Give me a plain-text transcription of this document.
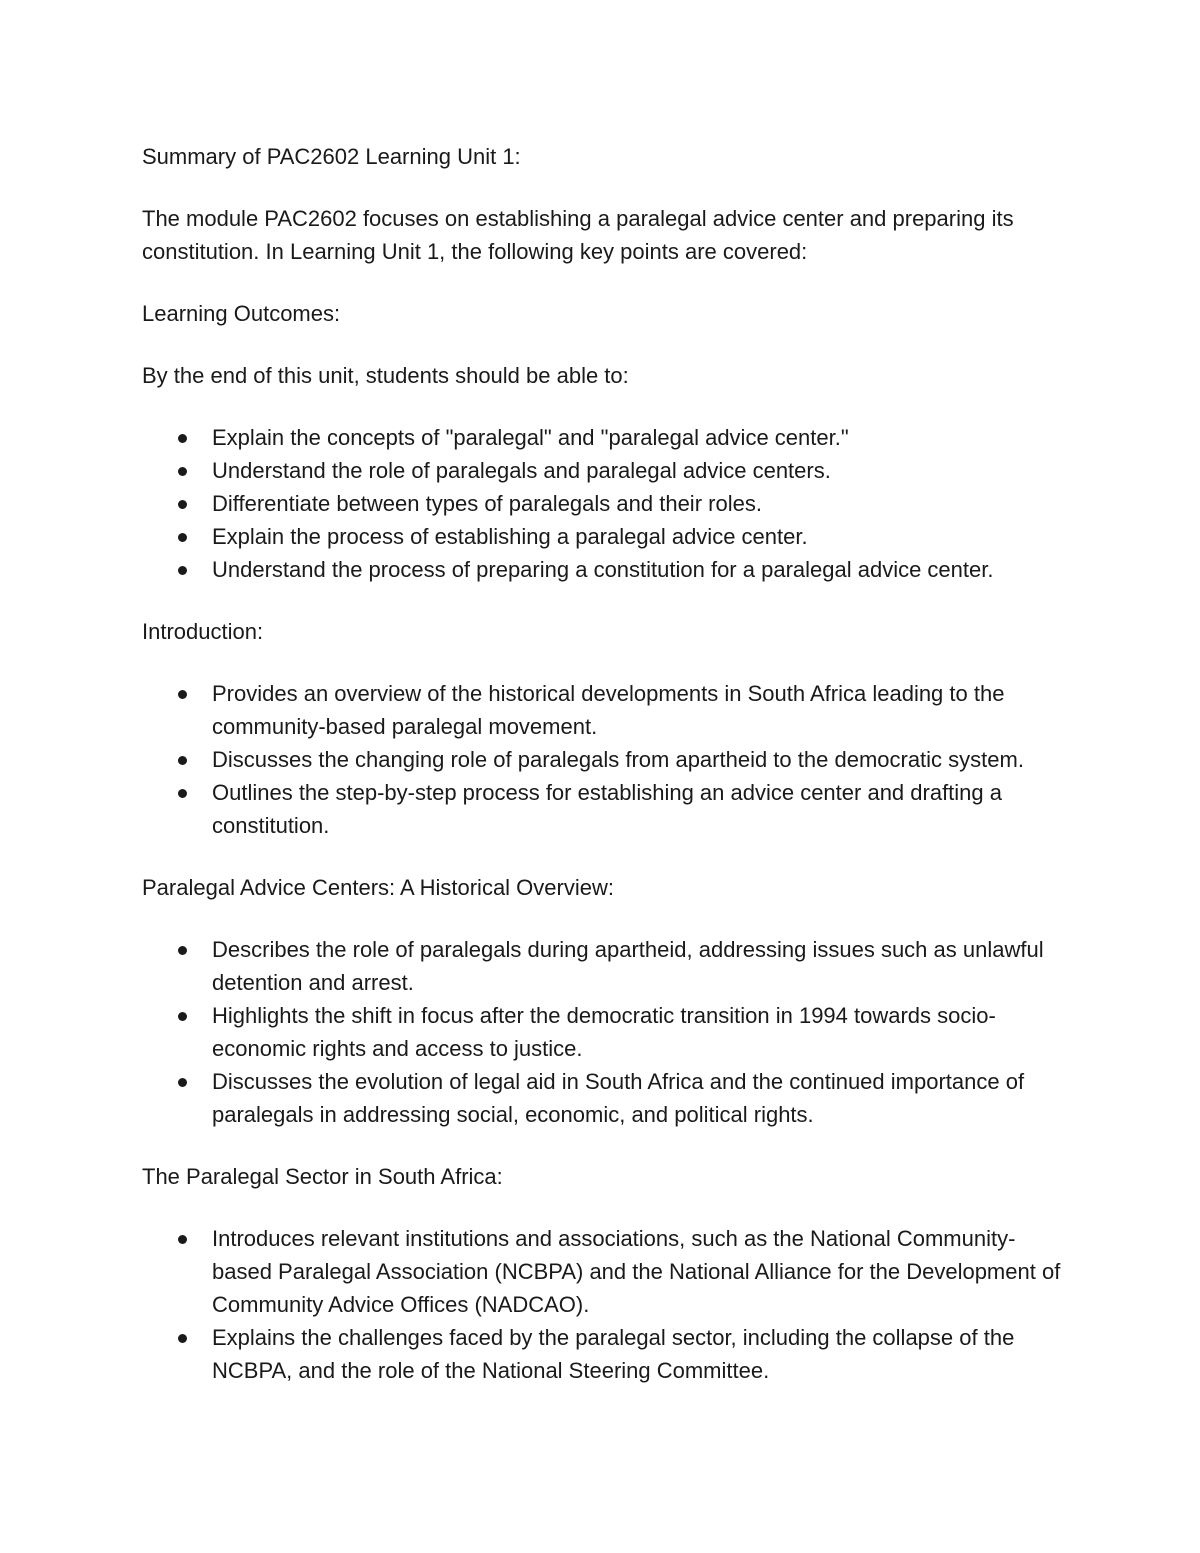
Summary of PAC2602 Learning Unit 1:

The module PAC2602 focuses on establishing a paralegal advice center and preparing its constitution. In Learning Unit 1, the following key points are covered:

Learning Outcomes:

By the end of this unit, students should be able to:

Explain the concepts of "paralegal" and "paralegal advice center."
Understand the role of paralegals and paralegal advice centers.
Differentiate between types of paralegals and their roles.
Explain the process of establishing a paralegal advice center.
Understand the process of preparing a constitution for a paralegal advice center.

Introduction:

Provides an overview of the historical developments in South Africa leading to the community-based paralegal movement.
Discusses the changing role of paralegals from apartheid to the democratic system.
Outlines the step-by-step process for establishing an advice center and drafting a constitution.

Paralegal Advice Centers: A Historical Overview:

Describes the role of paralegals during apartheid, addressing issues such as unlawful detention and arrest.
Highlights the shift in focus after the democratic transition in 1994 towards socio-economic rights and access to justice.
Discusses the evolution of legal aid in South Africa and the continued importance of paralegals in addressing social, economic, and political rights.

The Paralegal Sector in South Africa:

Introduces relevant institutions and associations, such as the National Community-based Paralegal Association (NCBPA) and the National Alliance for the Development of Community Advice Offices (NADCAO).
Explains the challenges faced by the paralegal sector, including the collapse of the NCBPA, and the role of the National Steering Committee.
